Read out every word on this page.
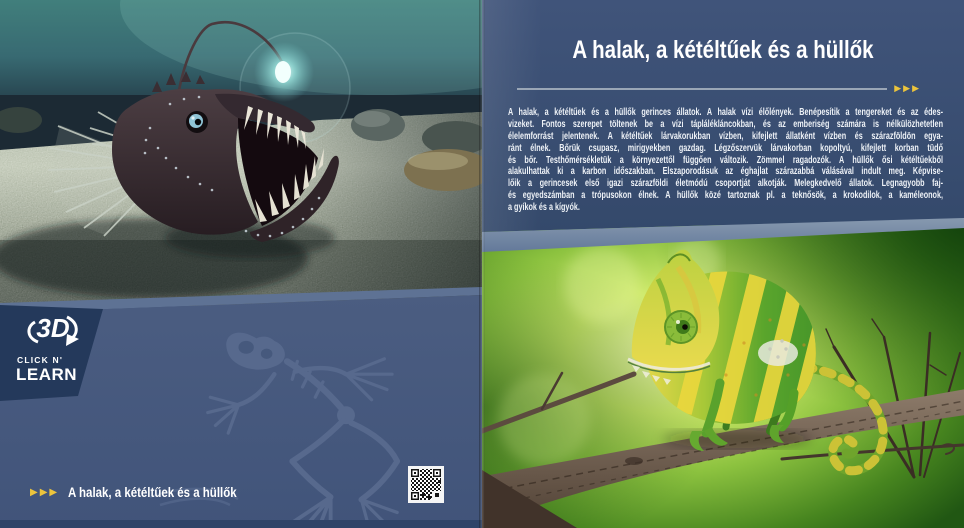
3D
CLICK N'
LEARN
▶▶▶ A halak, a kétéltűek és a hüllők
A halak, a kétéltűek és a hüllők
▶▶▶
A halak, a kétéltűek és a hüllők gerinces állatok. A halak vízi élőlények. Benépesítik a tengereket és az édes-
vizeket. Fontos szerepet töltenek be a vízi táplálékláncokban, és az emberiség számára is nélkülözhetetlen
élelemforrást jelentenek. A kétéltűek lárvakorukban vízben, kifejlett állatként vízben és szárazföldön egya-
ránt élnek. Bőrük csupasz, mirigyekben gazdag. Légzőszervük lárvakorban kopoltyú, kifejlett korban tüdő
és bőr. Testhőmérsékletük a környezettől függően változik. Zömmel ragadozók. A hüllők ősi kétéltűekből
alakulhattak ki a karbon időszakban. Elszaporodásuk az éghajlat szárazabbá válásával indult meg. Képvise-
lőik a gerincesek első igazi szárazföldi életmódú csoportját alkotják. Melegkedvelő állatok. Legnagyobb faj-
és egyedszámban a trópusokon élnek. A hüllők közé tartoznak pl. a teknősök, a krokodilok, a kaméleonok,
a gyíkok és a kígyók.
